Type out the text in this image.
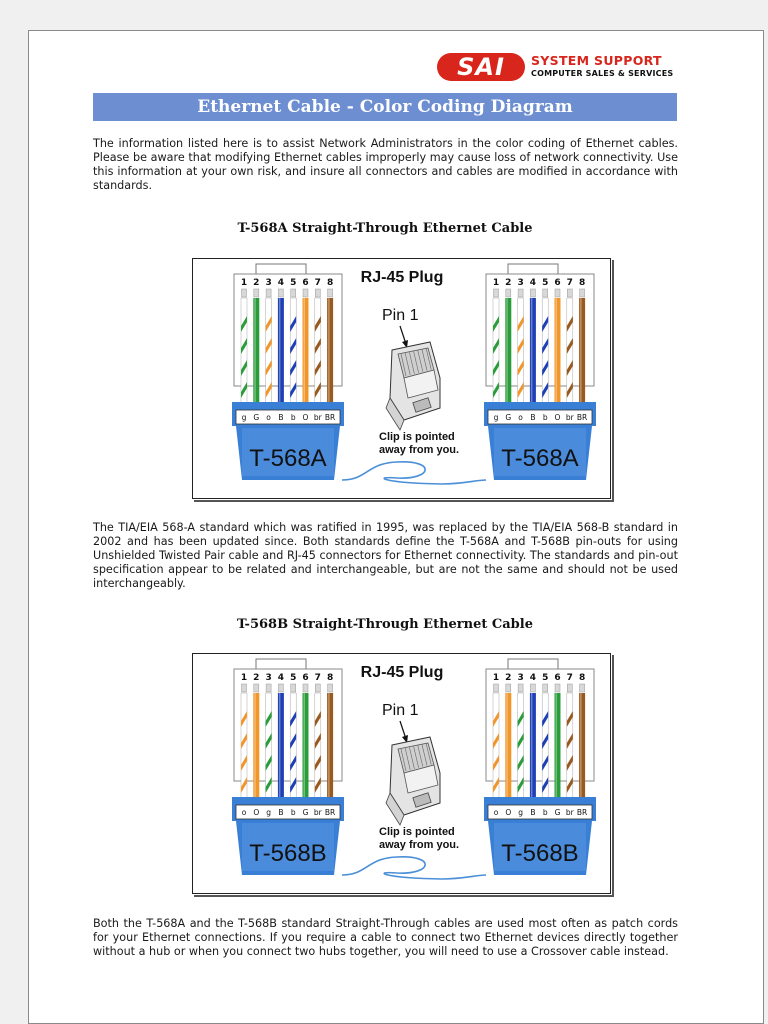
SAI	SYSTEM SUPPORT
COMPUTER SALES & SERVICES
Ethernet Cable - Color Coding Diagram

The information listed here is to assist Network Administrators in the color coding of Ethernet cables. Please be aware that modifying Ethernet cables improperly may cause loss of network connectivity. Use this information at your own risk, and insure all connectors and cables are modified in accordance with standards.

T-568A Straight-Through Ethernet Cable
1 2 3 4 5 6 7 8
g G o B b O br BR
T-568A
1 2 3 4 5 6 7 8
g G o B b O br BR
T-568A
RJ-45 Plug
Pin 1
Clip is pointed
away from you.

The TIA/EIA 568-A standard which was ratified in 1995, was replaced by the TIA/EIA 568-B standard in 2002 and has been updated since. Both standards define the T-568A and T-568B pin-outs for using Unshielded Twisted Pair cable and RJ-45 connectors for Ethernet connectivity. The standards and pin-out specification appear to be related and interchangeable, but are not the same and should not be used interchangeably.

T-568B Straight-Through Ethernet Cable
1 2 3 4 5 6 7 8
o O g B b G br BR
T-568B
1 2 3 4 5 6 7 8
o O g B b G br BR
T-568B
RJ-45 Plug
Pin 1
Clip is pointed
away from you.

Both the T-568A and the T-568B standard Straight-Through cables are used most often as patch cords for your Ethernet connections. If you require a cable to connect two Ethernet devices directly together without a hub or when you connect two hubs together, you will need to use a Crossover cable instead.
